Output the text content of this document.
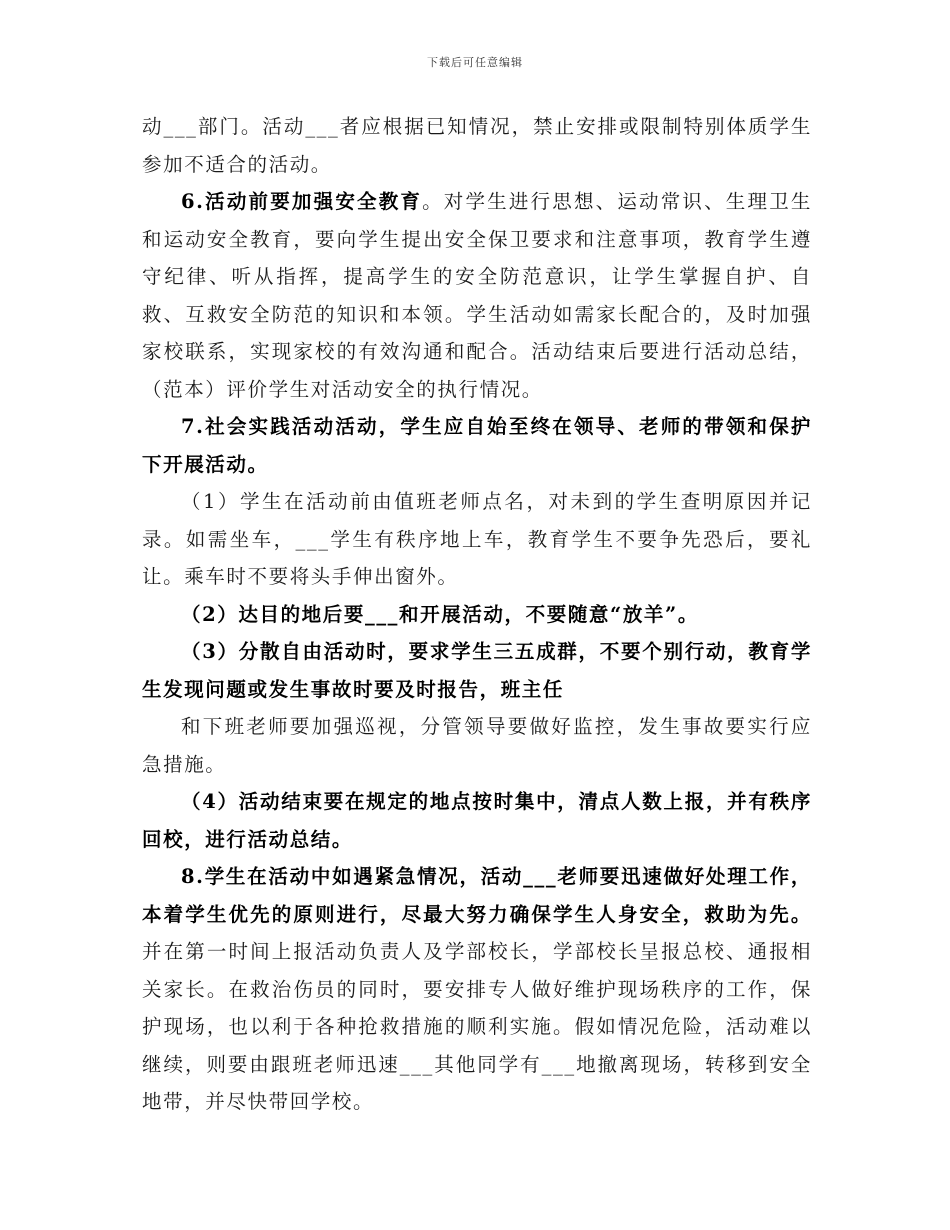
下载后可任意编辑

动___部门。活动___者应根据已知情况，禁止安排或限制特别体质学生参加不适合的活动。

6.活动前要加强安全教育。对学生进行思想、运动常识、生理卫生和运动安全教育，要向学生提出安全保卫要求和注意事项，教育学生遵守纪律、听从指挥，提高学生的安全防范意识，让学生掌握自护、自救、互救安全防范的知识和本领。学生活动如需家长配合的，及时加强家校联系，实现家校的有效沟通和配合。活动结束后要进行活动总结，（范本）评价学生对活动安全的执行情况。

7.社会实践活动活动，学生应自始至终在领导、老师的带领和保护下开展活动。

（1）学生在活动前由值班老师点名，对未到的学生查明原因并记录。如需坐车，___学生有秩序地上车，教育学生不要争先恐后，要礼让。乘车时不要将头手伸出窗外。

（2）达目的地后要___和开展活动，不要随意“放羊”。

（3）分散自由活动时，要求学生三五成群，不要个别行动，教育学生发现问题或发生事故时要及时报告，班主任

和下班老师要加强巡视，分管领导要做好监控，发生事故要实行应急措施。

（4）活动结束要在规定的地点按时集中，清点人数上报，并有秩序回校，进行活动总结。

8.学生在活动中如遇紧急情况，活动___老师要迅速做好处理工作，本着学生优先的原则进行，尽最大努力确保学生人身安全，救助为先。并在第一时间上报活动负责人及学部校长，学部校长呈报总校、通报相关家长。在救治伤员的同时，要安排专人做好维护现场秩序的工作，保护现场，也以利于各种抢救措施的顺利实施。假如情况危险，活动难以继续，则要由跟班老师迅速___其他同学有___地撤离现场，转移到安全地带，并尽快带回学校。
